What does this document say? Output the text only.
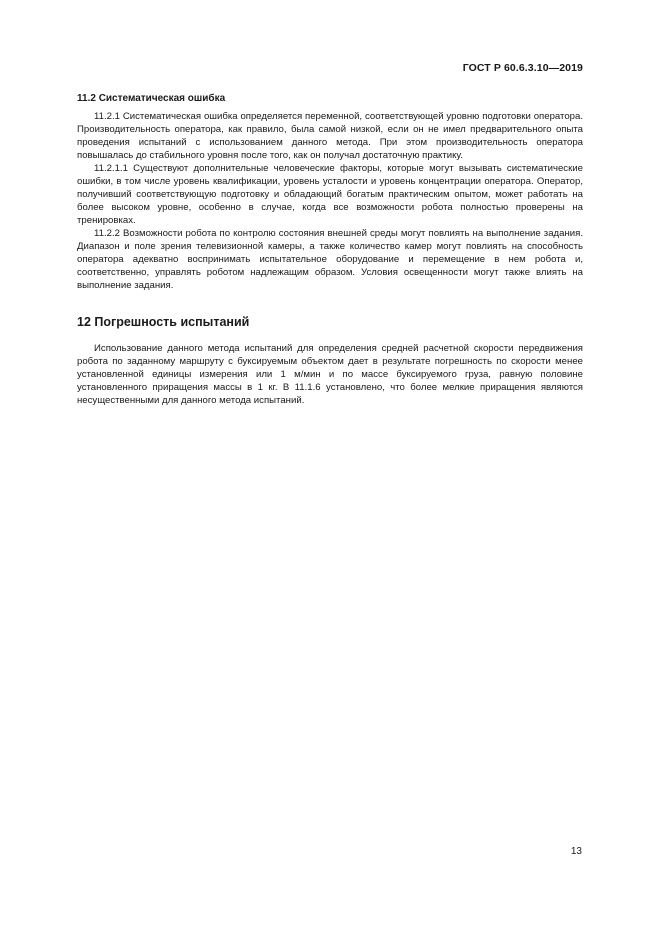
ГОСТ Р 60.6.3.10—2019
11.2 Систематическая ошибка

11.2.1 Систематическая ошибка определяется переменной, соответствующей уровню подготовки оператора. Производительность оператора, как правило, была самой низкой, если он не имел предварительного опыта проведения испытаний с использованием данного метода. При этом производительность оператора повышалась до стабильного уровня после того, как он получал достаточную практику.

11.2.1.1 Существуют дополнительные человеческие факторы, которые могут вызывать систематические ошибки, в том числе уровень квалификации, уровень усталости и уровень концентрации оператора. Оператор, получивший соответствующую подготовку и обладающий богатым практическим опытом, может работать на более высоком уровне, особенно в случае, когда все возможности робота полностью проверены на тренировках.

11.2.2 Возможности робота по контролю состояния внешней среды могут повлиять на выполнение задания. Диапазон и поле зрения телевизионной камеры, а также количество камер могут повлиять на способность оператора адекватно воспринимать испытательное оборудование и перемещение в нем робота и, соответственно, управлять роботом надлежащим образом. Условия освещенности могут также влиять на выполнение задания.

12 Погрешность испытаний

Использование данного метода испытаний для определения средней расчетной скорости передвижения робота по заданному маршруту с буксируемым объектом дает в результате погрешность по скорости менее установленной единицы измерения или 1 м/мин и по массе буксируемого груза, равную половине установленного приращения массы в 1 кг. В 11.1.6 установлено, что более мелкие приращения являются несущественными для данного метода испытаний.

13
